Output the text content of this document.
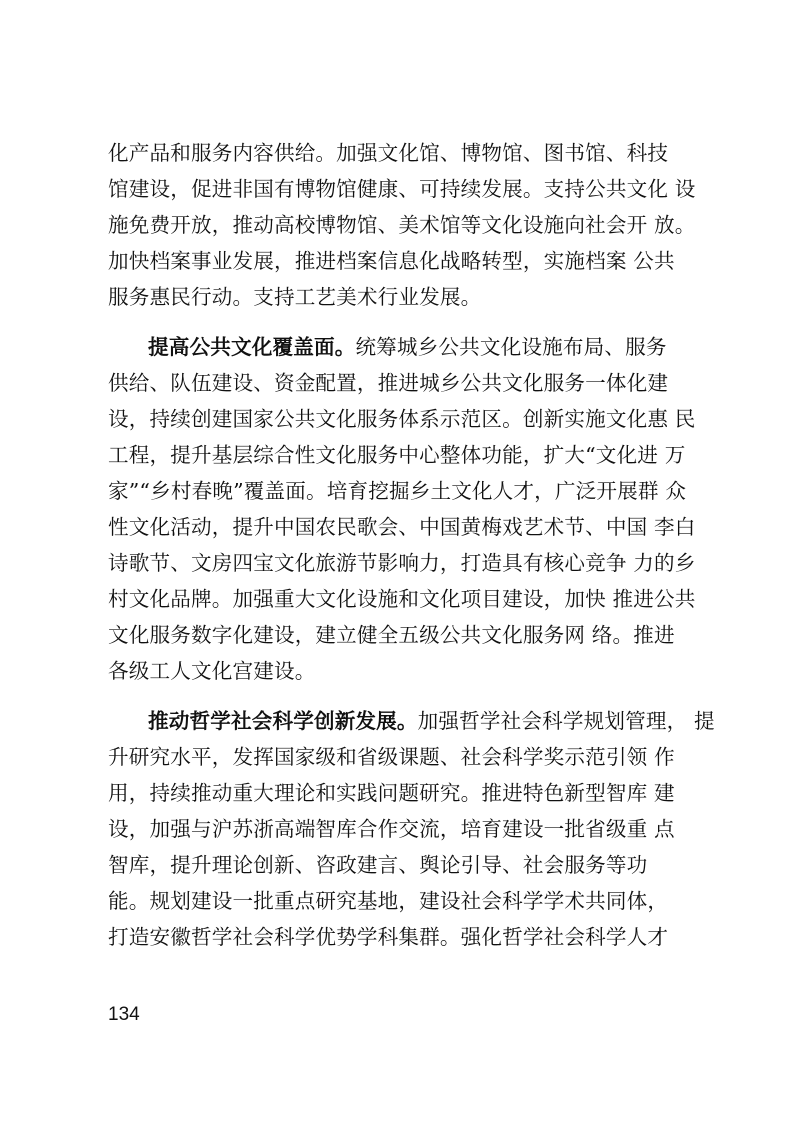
化产品和服务内容供给。加强文化馆、博物馆、图书馆、科技
馆建设，促进非国有博物馆健康、可持续发展。支持公共文化 设
施免费开放，推动高校博物馆、美术馆等文化设施向社会开 放。
加快档案事业发展，推进档案信息化战略转型，实施档案 公共
服务惠民行动。支持工艺美术行业发展。
提高公共文化覆盖面。统筹城乡公共文化设施布局、服务
供给、队伍建设、资金配置，推进城乡公共文化服务一体化建
设，持续创建国家公共文化服务体系示范区。创新实施文化惠 民
工程，提升基层综合性文化服务中心整体功能，扩大“文化进 万
家”“乡村春晚”覆盖面。培育挖掘乡土文化人才，广泛开展群 众
性文化活动，提升中国农民歌会、中国黄梅戏艺术节、中国 李白
诗歌节、文房四宝文化旅游节影响力，打造具有核心竞争 力的乡
村文化品牌。加强重大文化设施和文化项目建设，加快 推进公共
文化服务数字化建设，建立健全五级公共文化服务网 络。推进
各级工人文化宫建设。
推动哲学社会科学创新发展。加强哲学社会科学规划管理， 提
升研究水平，发挥国家级和省级课题、社会科学奖示范引领 作
用，持续推动重大理论和实践问题研究。推进特色新型智库 建
设，加强与沪苏浙高端智库合作交流，培育建设一批省级重 点
智库，提升理论创新、咨政建言、舆论引导、社会服务等功
能。规划建设一批重点研究基地，建设社会科学学术共同体，
打造安徽哲学社会科学优势学科集群。强化哲学社会科学人才
134
